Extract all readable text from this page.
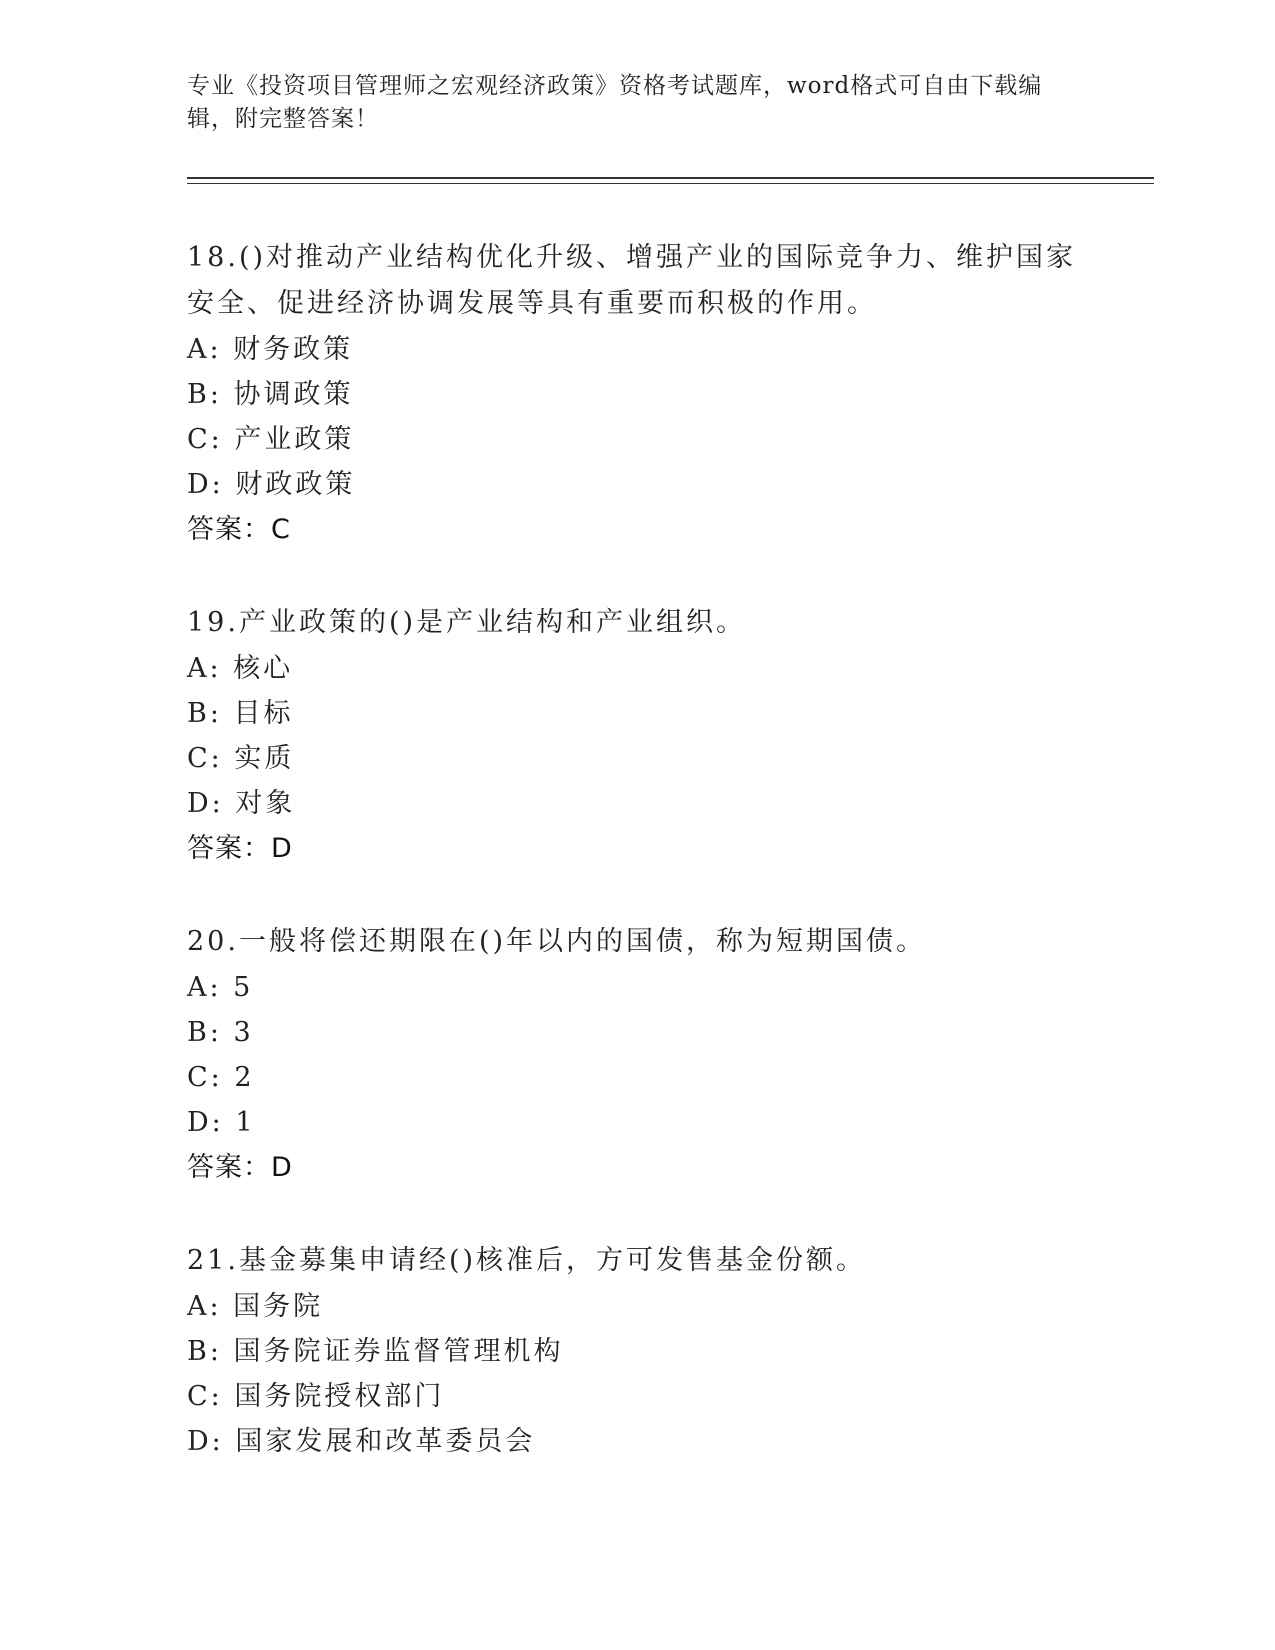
专业《投资项目管理师之宏观经济政策》资格考试题库，word格式可自由下载编辑，附完整答案！
18.()对推动产业结构优化升级、增强产业的国际竞争力、维护国家安全、促进经济协调发展等具有重要而积极的作用。
A: 财务政策
B: 协调政策
C: 产业政策
D: 财政政策
答案：C
19.产业政策的()是产业结构和产业组织。
A: 核心
B: 目标
C: 实质
D: 对象
答案：D
20.一般将偿还期限在()年以内的国债，称为短期国债。
A: 5
B: 3
C: 2
D: 1
答案：D
21.基金募集申请经()核准后，方可发售基金份额。
A: 国务院
B: 国务院证券监督管理机构
C: 国务院授权部门
D: 国家发展和改革委员会
